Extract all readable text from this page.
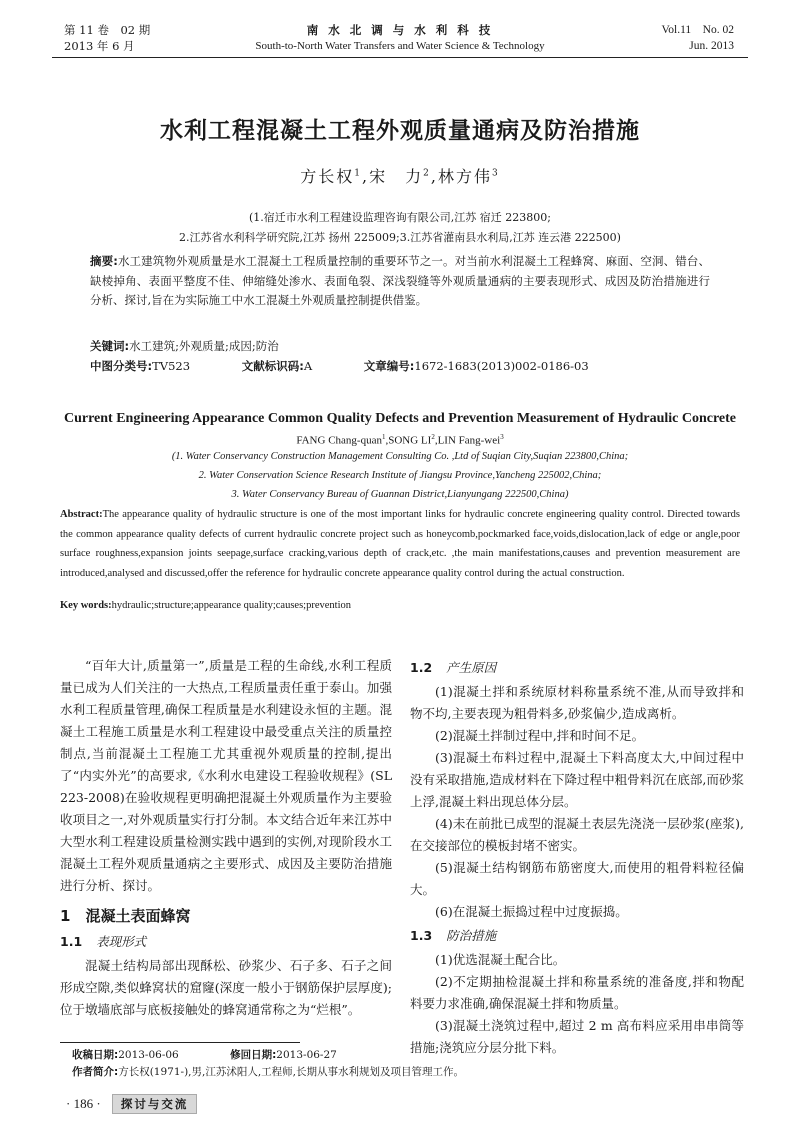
第 11 卷　02 期
2013 年 6 月
南 水 北 调 与 水 利 科 技
South-to-North Water Transfers and Water Science & Technology
Vol.11　No. 02
Jun. 2013
水利工程混凝土工程外观质量通病及防治措施
方长权$^1$,宋　力$^2$,林方伟$^3$
(1.宿迁市水利工程建设监理咨询有限公司,江苏 宿迁 223800;
2.江苏省水利科学研究院,江苏 扬州 225009;3.江苏省灌南县水利局,江苏 连云港 222500)
摘要:水工建筑物外观质量是水工混凝土工程质量控制的重要环节之一。对当前水利混凝土工程蜂窝、麻面、空洞、错台、缺棱掉角、表面平整度不佳、伸缩缝处渗水、表面龟裂、深浅裂缝等外观质量通病的主要表现形式、成因及防治措施进行分析、探讨,旨在为实际施工中水工混凝土外观质量控制提供借鉴。
关键词:水工建筑;外观质量;成因;防治
中图分类号:TV523	文献标识码:A	文章编号:1672-1683(2013)002-0186-03
Current Engineering Appearance Common Quality Defects and Prevention Measurement of Hydraulic Concrete
FANG Chang-quan$^1$,SONG $LI^2,LIN$ Fang-wei$^3$
(1. Water Conservancy Construction Management Consulting Co. ,Ltd of Suqian City,Suqian 223800,China;
2. Water Conservation Science Research Institute of Jiangsu Province,Yancheng 225002,China;
3. Water Conservancy Bureau of Guannan District,Lianyungang 222500,China)
Abstract:The appearance quality of hydraulic structure is one of the most important links for hydraulic concrete engineering quality control. Directed towards the common appearance quality defects of current hydraulic concrete project such as honeycomb,pockmarked face,voids,dislocation,lack of edge or angle,poor surface roughness,expansion joints seepage,surface cracking,various depth of crack,etc. ,the main manifestations,causes and prevention measurement are introduced,analysed and discussed,offer the reference for hydraulic concrete appearance quality control during the actual construction.
Key words:hydraulic;structure;appearance quality;causes;prevention

“百年大计,质量第一”,质量是工程的生命线,水利工程质量已成为人们关注的一大热点,工程质量责任重于泰山。加强水利工程质量管理,确保工程质量是水利建设永恒的主题。混凝土工程施工质量是水利工程建设中最受重点关注的质量控制点,当前混凝土工程施工尤其重视外观质量的控制,提出了“内实外光”的高要求,《水利水电建设工程验收规程》(SL 223-2008)在验收规程更明确把混凝土外观质量作为主要验收项目之一,对外观质量实行打分制。本文结合近年来江苏中大型水利工程建设质量检测实践中遇到的实例,对现阶段水工混凝土工程外观质量通病之主要形式、成因及主要防治措施进行分析、探讨。

1　 混凝土表面蜂窝
1.1 表现形式

混凝土结构局部出现酥松、砂浆少、石子多、石子之间形成空隙,类似蜂窝状的窟窿(深度一般小于钢筋保护层厚度);位于墩墙底部与底板接触处的蜂窝通常称之为“烂根”。

1.2 产生原因

(1)混凝土拌和系统原材料称量系统不准,从而导致拌和物不均,主要表现为粗骨料多,砂浆偏少,造成离析。

(2)混凝土拌制过程中,拌和时间不足。

(3)混凝土布料过程中,混凝土下料高度太大,中间过程中没有采取措施,造成材料在下降过程中粗骨料沉在底部,而砂浆上浮,混凝土料出现总体分层。

(4)未在前批已成型的混凝土表层先浇浇一层砂浆(座浆),在交接部位的模板封堵不密实。

(5)混凝土结构钢筋布筋密度大,而使用的粗骨料粒径偏大。

(6)在混凝土振捣过程中过度振捣。

1.3 防治措施

(1)优选混凝土配合比。

(2)不定期抽检混凝土拌和称量系统的准备度,拌和物配料要力求准确,确保混凝土拌和物质量。

(3)混凝土浇筑过程中,超过 2 m 高布料应采用串串筒等措施;浇筑应分层分批下料。

收稿日期:2013-06-06	修回日期:2013-06-27
作者简介:方长权(1971-),男,江苏沭阳人,工程师,长期从事水利规划及项目管理工作。
· 186 · 探讨与交流
